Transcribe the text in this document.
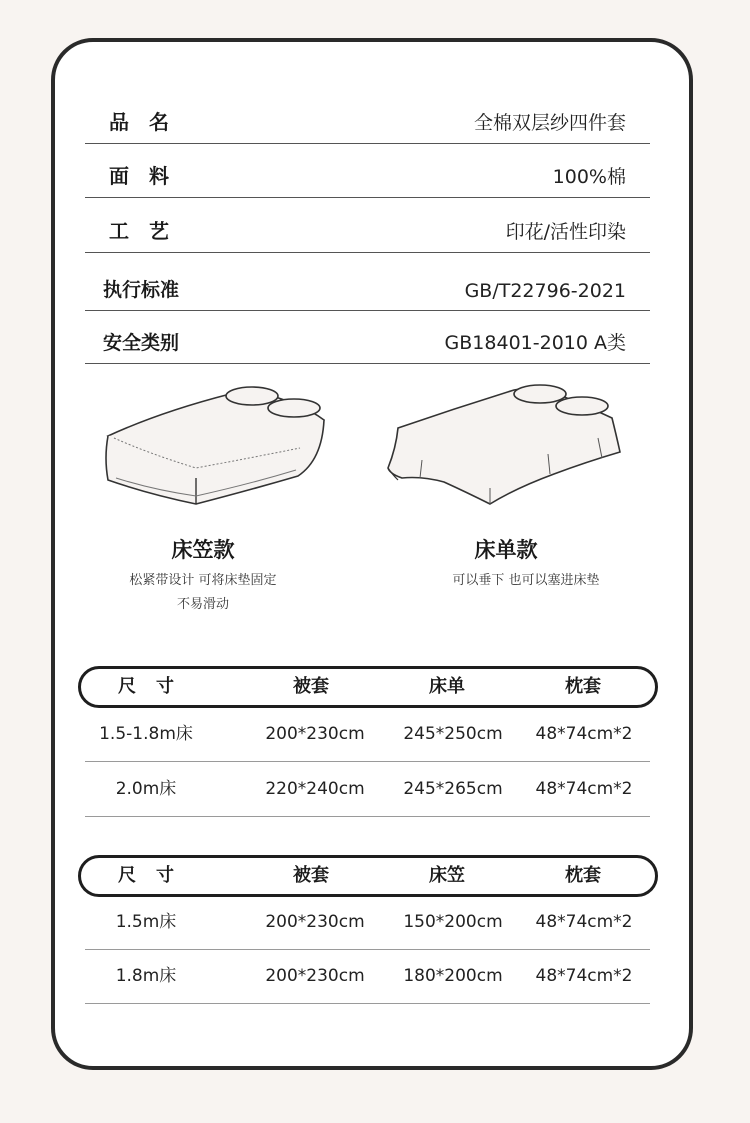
品名	全棉双层纱四件套
面料	100%棉
工艺	印花/活性印染
执行标准	GB/T22796-2021
安全类别	GB18401-2010 A类
床笠款
松紧带设计 可将床垫固定
不易滑动
床单款
可以垂下 也可以塞进床垫
尺寸	被套	床单	枕套
1.5-1.8m床	200*230cm	245*250cm	48*74cm*2
2.0m床	220*240cm	245*265cm	48*74cm*2
尺寸	被套	床笠	枕套
1.5m床	200*230cm	150*200cm	48*74cm*2
1.8m床	200*230cm	180*200cm	48*74cm*2
